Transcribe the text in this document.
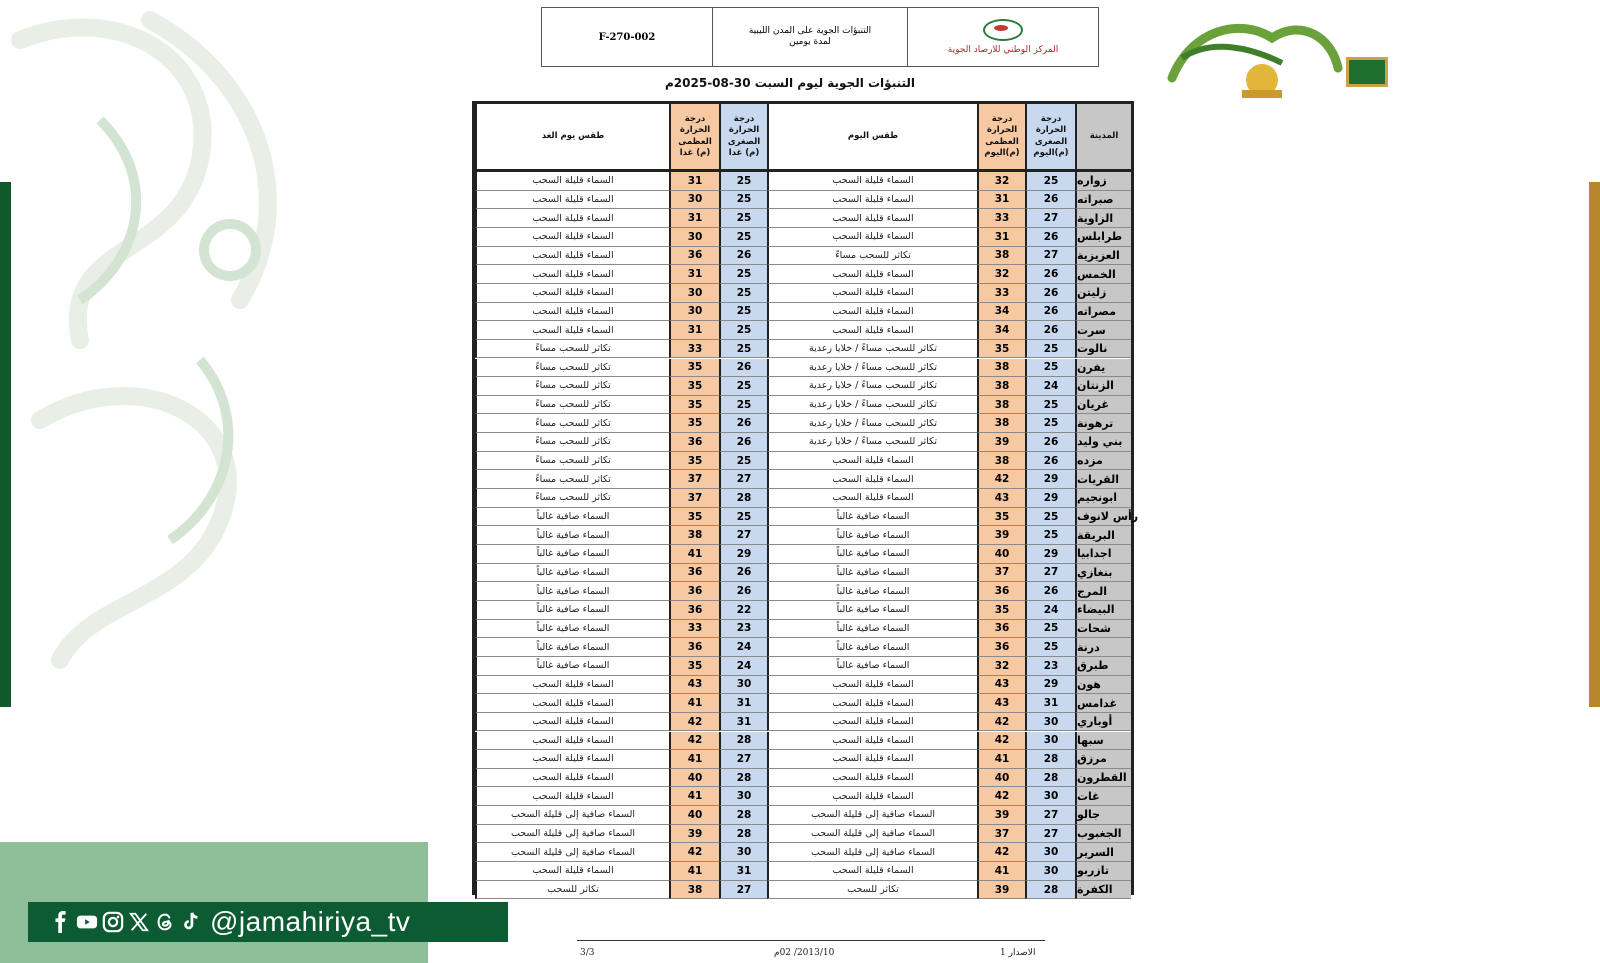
F-270-002
التنبؤات الجوية على المدن الليبية
لمدة يومين
المركز الوطني للارصاد الجوية
التنبؤات الجوية ليوم السبت 30-08-2025م
طقس يوم الغد
درجة الحرارة العظمى (م) غدا
درجة الحرارة الصغرى (م) غدا
طقس اليوم
درجة الحرارة العظمى (م)اليوم
درجة الحرارة الصغرى (م)اليوم
المدينة
السماء قليلة السحب	31	25	السماء قليلة السحب	32	25	زواره
السماء قليلة السحب	30	25	السماء قليلة السحب	31	26	صبراته
السماء قليلة السحب	31	25	السماء قليلة السحب	33	27	الزاوية
السماء قليلة السحب	30	25	السماء قليلة السحب	31	26	طرابلس
السماء قليلة السحب	36	26	تكاثر للسحب مساءً	38	27	العزيزية
السماء قليلة السحب	31	25	السماء قليلة السحب	32	26	الخمس
السماء قليلة السحب	30	25	السماء قليلة السحب	33	26	زليتن
السماء قليلة السحب	30	25	السماء قليلة السحب	34	26	مصراته
السماء قليلة السحب	31	25	السماء قليلة السحب	34	26	سرت
تكاثر للسحب مساءً	33	25	تكاثر للسحب مساءً / خلايا رعدية	35	25	نالوت
تكاثر للسحب مساءً	35	26	تكاثر للسحب مساءً / خلايا رعدية	38	25	يفرن
تكاثر للسحب مساءً	35	25	تكاثر للسحب مساءً / خلايا رعدية	38	24	الزنتان
تكاثر للسحب مساءً	35	25	تكاثر للسحب مساءً / خلايا رعدية	38	25	غريان
تكاثر للسحب مساءً	35	26	تكاثر للسحب مساءً / خلايا رعدية	38	25	ترهونة
تكاثر للسحب مساءً	36	26	تكاثر للسحب مساءً / خلايا رعدية	39	26	بني وليد
تكاثر للسحب مساءً	35	25	السماء قليلة السحب	38	26	مزده
تكاثر للسحب مساءً	37	27	السماء قليلة السحب	42	29	القريات
تكاثر للسحب مساءً	37	28	السماء قليلة السحب	43	29	ابونجيم
السماء صافية غالباً	35	25	السماء صافية غالباً	35	25	رأس لانوف
السماء صافية غالباً	38	27	السماء صافية غالباً	39	25	البريقة
السماء صافية غالباً	41	29	السماء صافية غالباً	40	29	اجدابيا
السماء صافية غالباً	36	26	السماء صافية غالباً	37	27	بنغازي
السماء صافية غالباً	36	26	السماء صافية غالباً	36	26	المرج
السماء صافية غالباً	36	22	السماء صافية غالباً	35	24	البيضاء
السماء صافية غالباً	33	23	السماء صافية غالباً	36	25	شحات
السماء صافية غالباً	36	24	السماء صافية غالباً	36	25	درنة
السماء صافية غالباً	35	24	السماء صافية غالباً	32	23	طبرق
السماء قليلة السحب	43	30	السماء قليلة السحب	43	29	هون
السماء قليلة السحب	41	31	السماء قليلة السحب	43	31	غدامس
السماء قليلة السحب	42	31	السماء قليلة السحب	42	30	أوباري
السماء قليلة السحب	42	28	السماء قليلة السحب	42	30	سبها
السماء قليلة السحب	41	27	السماء قليلة السحب	41	28	مرزق
السماء قليلة السحب	40	28	السماء قليلة السحب	40	28	القطرون
السماء قليلة السحب	41	30	السماء قليلة السحب	42	30	غات
السماء صافية إلى قليلة السحب	40	28	السماء صافية إلى قليلة السحب	39	27	جالو
السماء صافية إلى قليلة السحب	39	28	السماء صافية إلى قليلة السحب	37	27	الجغبوب
السماء صافية إلى قليلة السحب	42	30	السماء صافية إلى قليلة السحب	42	30	السرير
السماء قليلة السحب	41	31	السماء قليلة السحب	41	30	تازربو
تكاثر للسحب	38	27	تكاثر للسحب	39	28	الكفرة
@jamahiriya_tv
الاصدار 1
2013/10/ 02م
3/3
